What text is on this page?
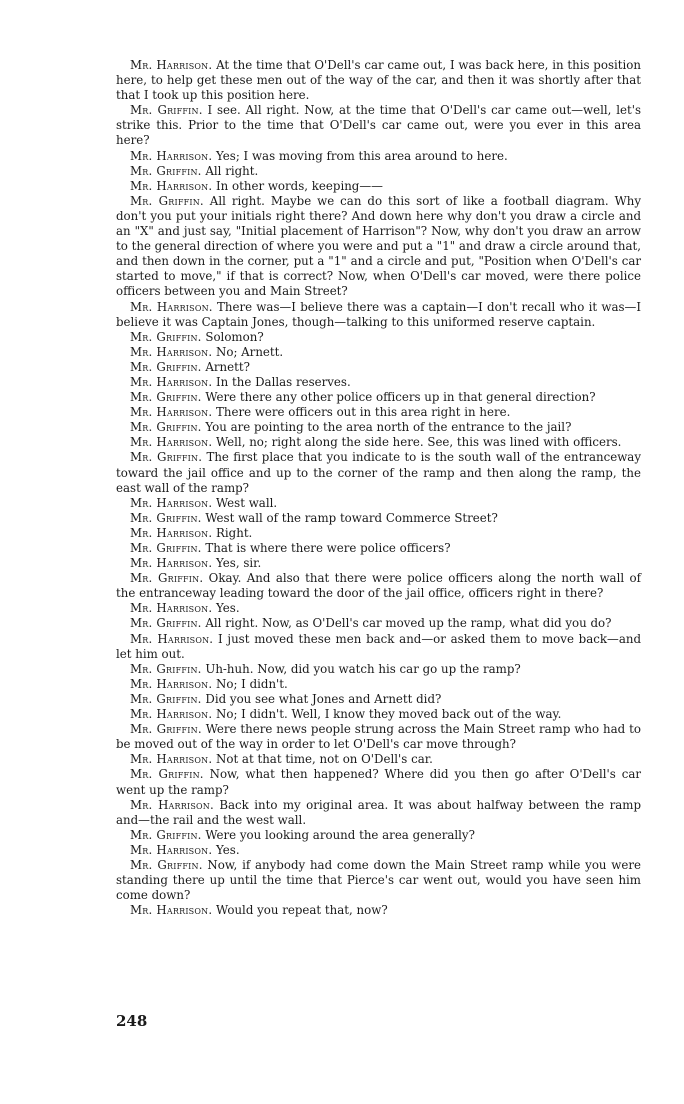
Mr. Harrison. At the time that O'Dell's car came out, I was back here, in this position here, to help get these men out of the way of the car, and then it was shortly after that that I took up this position here.

Mr. Griffin. I see. All right. Now, at the time that O'Dell's car came out—well, let's strike this. Prior to the time that O'Dell's car came out, were you ever in this area here?

Mr. Harrison. Yes; I was moving from this area around to here.

Mr. Griffin. All right.

Mr. Harrison. In other words, keeping——

Mr. Griffin. All right. Maybe we can do this sort of like a football diagram. Why don't you put your initials right there? And down here why don't you draw a circle and an "X" and just say, "Initial placement of Harrison"? Now, why don't you draw an arrow to the general direction of where you were and put a "1" and draw a circle around that, and then down in the corner, put a "1" and a circle and put, "Position when O'Dell's car started to move," if that is correct? Now, when O'Dell's car moved, were there police officers between you and Main Street?

Mr. Harrison. There was—I believe there was a captain—I don't recall who it was—I believe it was Captain Jones, though—talking to this uniformed reserve captain.

Mr. Griffin. Solomon?

Mr. Harrison. No; Arnett.

Mr. Griffin. Arnett?

Mr. Harrison. In the Dallas reserves.

Mr. Griffin. Were there any other police officers up in that general direction?

Mr. Harrison. There were officers out in this area right in here.

Mr. Griffin. You are pointing to the area north of the entrance to the jail?

Mr. Harrison. Well, no; right along the side here. See, this was lined with officers.

Mr. Griffin. The first place that you indicate to is the south wall of the entranceway toward the jail office and up to the corner of the ramp and then along the ramp, the east wall of the ramp?

Mr. Harrison. West wall.

Mr. Griffin. West wall of the ramp toward Commerce Street?

Mr. Harrison. Right.

Mr. Griffin. That is where there were police officers?

Mr. Harrison. Yes, sir.

Mr. Griffin. Okay. And also that there were police officers along the north wall of the entranceway leading toward the door of the jail office, officers right in there?

Mr. Harrison. Yes.

Mr. Griffin. All right. Now, as O'Dell's car moved up the ramp, what did you do?

Mr. Harrison. I just moved these men back and—or asked them to move back—and let him out.

Mr. Griffin. Uh-huh. Now, did you watch his car go up the ramp?

Mr. Harrison. No; I didn't.

Mr. Griffin. Did you see what Jones and Arnett did?

Mr. Harrison. No; I didn't. Well, I know they moved back out of the way.

Mr. Griffin. Were there news people strung across the Main Street ramp who had to be moved out of the way in order to let O'Dell's car move through?

Mr. Harrison. Not at that time, not on O'Dell's car.

Mr. Griffin. Now, what then happened? Where did you then go after O'Dell's car went up the ramp?

Mr. Harrison. Back into my original area. It was about halfway between the ramp and—the rail and the west wall.

Mr. Griffin. Were you looking around the area generally?

Mr. Harrison. Yes.

Mr. Griffin. Now, if anybody had come down the Main Street ramp while you were standing there up until the time that Pierce's car went out, would you have seen him come down?

Mr. Harrison. Would you repeat that, now?

248
